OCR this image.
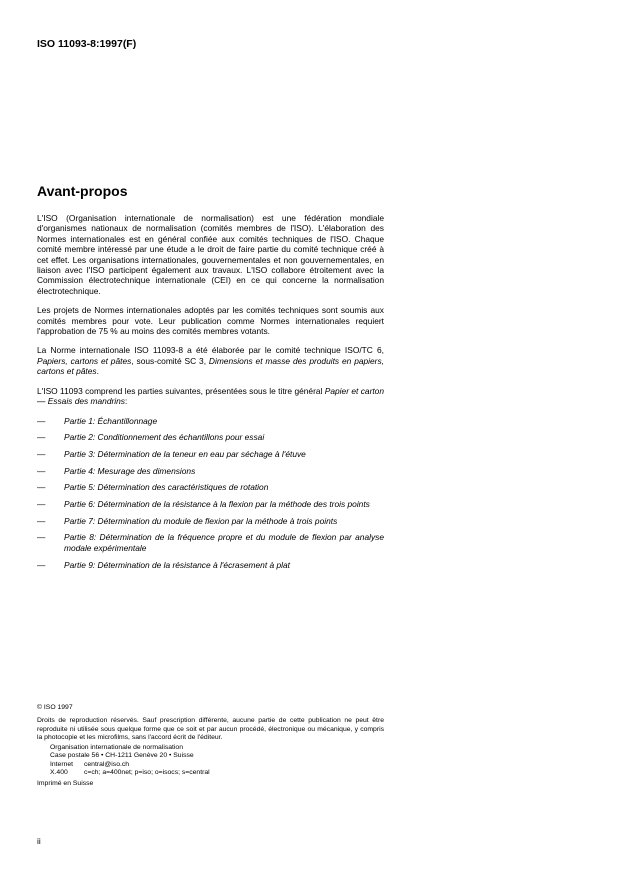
ISO 11093-8:1997(F)
Avant-propos

L'ISO (Organisation internationale de normalisation) est une fédération mondiale d'organismes nationaux de normalisation (comités membres de l'ISO). L'élaboration des Normes internationales est en général confiée aux comités techniques de l'ISO. Chaque comité membre intéressé par une étude a le droit de faire partie du comité technique créé à cet effet. Les organisations internationales, gouvernementales et non gouvernementales, en liaison avec l'ISO participent également aux travaux. L'ISO collabore étroitement avec la Commission électrotechnique internationale (CEI) en ce qui concerne la normalisation électrotechnique.

Les projets de Normes internationales adoptés par les comités techniques sont soumis aux comités membres pour vote. Leur publication comme Normes internationales requiert l'approbation de 75 % au moins des comités membres votants.

La Norme internationale ISO 11093-8 a été élaborée par le comité technique ISO/TC 6, Papiers, cartons et pâtes, sous-comité SC 3, Dimensions et masse des produits en papiers, cartons et pâtes.

L'ISO 11093 comprend les parties suivantes, présentées sous le titre général Papier et carton — Essais des mandrins:

— Partie 1: Échantillonnage
— Partie 2: Conditionnement des échantillons pour essai
— Partie 3: Détermination de la teneur en eau par séchage à l'étuve
— Partie 4: Mesurage des dimensions
— Partie 5: Détermination des caractéristiques de rotation
— Partie 6: Détermination de la résistance à la flexion par la méthode des trois points
— Partie 7: Détermination du module de flexion par la méthode à trois points
— Partie 8: Détermination de la fréquence propre et du module de flexion par analyse modale expérimentale
— Partie 9: Détermination de la résistance à l'écrasement à plat
© ISO 1997
Droits de reproduction réservés. Sauf prescription différente, aucune partie de cette publication ne peut être reproduite ni utilisée sous quelque forme que ce soit et par aucun procédé, électronique ou mécanique, y compris la photocopie et les microfilms, sans l'accord écrit de l'éditeur.
Organisation internationale de normalisation
Case postale 56 • CH-1211 Genève 20 • Suisse
Internet central@iso.ch
X.400 c=ch; a=400net; p=iso; o=isocs; s=central
Imprimé en Suisse
ii
